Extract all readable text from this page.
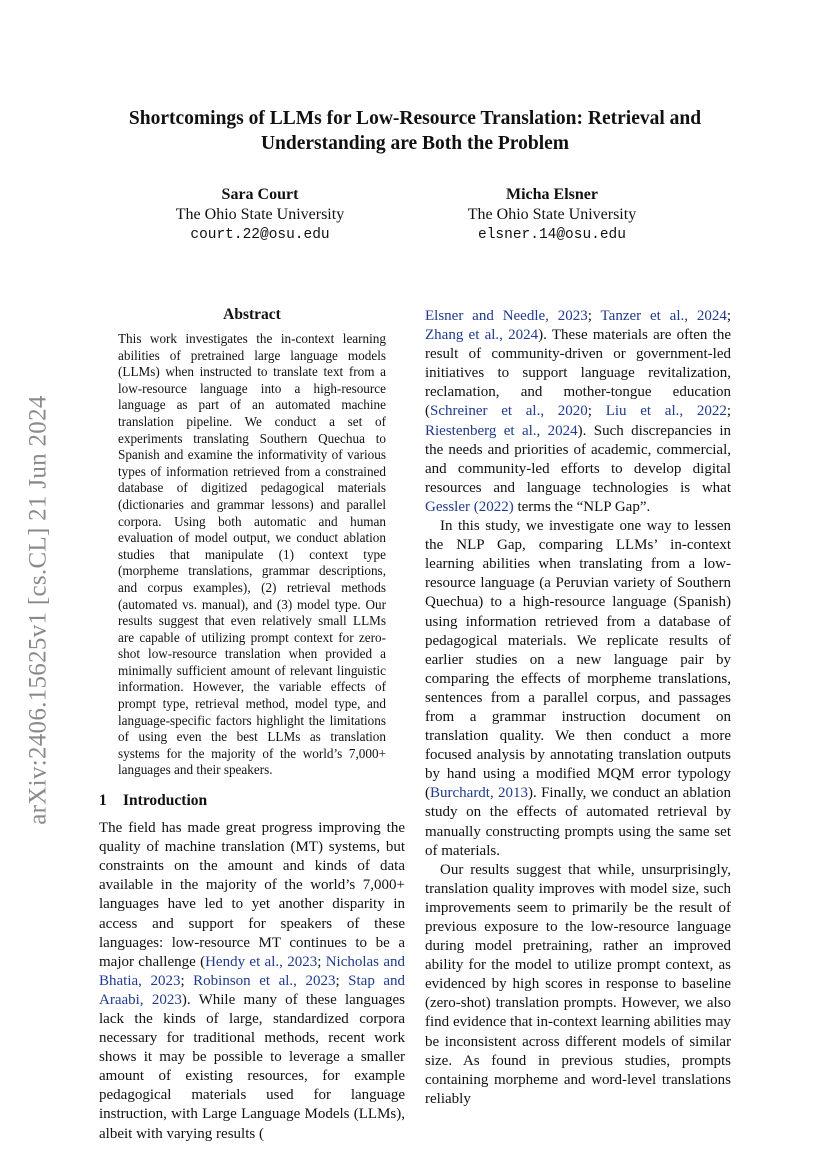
arXiv:2406.15625v1 [cs.CL] 21 Jun 2024
Shortcomings of LLMs for Low-Resource Translation: Retrieval and Understanding are Both the Problem
Sara Court
The Ohio State University
court.22@osu.edu
Micha Elsner
The Ohio State University
elsner.14@osu.edu
Abstract

This work investigates the in-context learning abilities of pretrained large language models (LLMs) when instructed to translate text from a low-resource language into a high-resource language as part of an automated machine translation pipeline. We conduct a set of experiments translating Southern Quechua to Spanish and examine the informativity of various types of information retrieved from a constrained database of digitized pedagogical materials (dictionaries and grammar lessons) and parallel corpora. Using both automatic and human evaluation of model output, we conduct ablation studies that manipulate (1) context type (morpheme translations, grammar descriptions, and corpus examples), (2) retrieval methods (automated vs. manual), and (3) model type. Our results suggest that even relatively small LLMs are capable of utilizing prompt context for zero-shot low-resource translation when provided a minimally sufficient amount of relevant linguistic information. However, the variable effects of prompt type, retrieval method, model type, and language-specific factors highlight the limitations of using even the best LLMs as translation systems for the majority of the world’s 7,000+ languages and their speakers.

1 Introduction

The field has made great progress improving the quality of machine translation (MT) systems, but constraints on the amount and kinds of data available in the majority of the world’s 7,000+ languages have led to yet another disparity in access and support for speakers of these languages: low-resource MT continues to be a major challenge (Hendy et al., 2023; Nicholas and Bhatia, 2023; Robinson et al., 2023; Stap and Araabi, 2023). While many of these languages lack the kinds of large, standardized corpora necessary for traditional methods, recent work shows it may be possible to leverage a smaller amount of existing resources, for example pedagogical materials used for language instruction, with Large Language Models (LLMs), albeit with varying results (

Elsner and Needle, 2023; Tanzer et al., 2024; Zhang et al., 2024). These materials are often the result of community-driven or government-led initiatives to support language revitalization, reclamation, and mother-tongue education (Schreiner et al., 2020; Liu et al., 2022; Riestenberg et al., 2024). Such discrepancies in the needs and priorities of academic, commercial, and community-led efforts to develop digital resources and language technologies is what Gessler (2022) terms the “NLP Gap”.

In this study, we investigate one way to lessen the NLP Gap, comparing LLMs’ in-context learning abilities when translating from a low-resource language (a Peruvian variety of Southern Quechua) to a high-resource language (Spanish) using information retrieved from a database of pedagogical materials. We replicate results of earlier studies on a new language pair by comparing the effects of morpheme translations, sentences from a parallel corpus, and passages from a grammar instruction document on translation quality. We then conduct a more focused analysis by annotating translation outputs by hand using a modified MQM error typology (Burchardt, 2013). Finally, we conduct an ablation study on the effects of automated retrieval by manually constructing prompts using the same set of materials.

Our results suggest that while, unsurprisingly, translation quality improves with model size, such improvements seem to primarily be the result of previous exposure to the low-resource language during model pretraining, rather an improved ability for the model to utilize prompt context, as evidenced by high scores in response to baseline (zero-shot) translation prompts. However, we also find evidence that in-context learning abilities may be inconsistent across different models of similar size. As found in previous studies, prompts containing morpheme and word-level translations reliably
